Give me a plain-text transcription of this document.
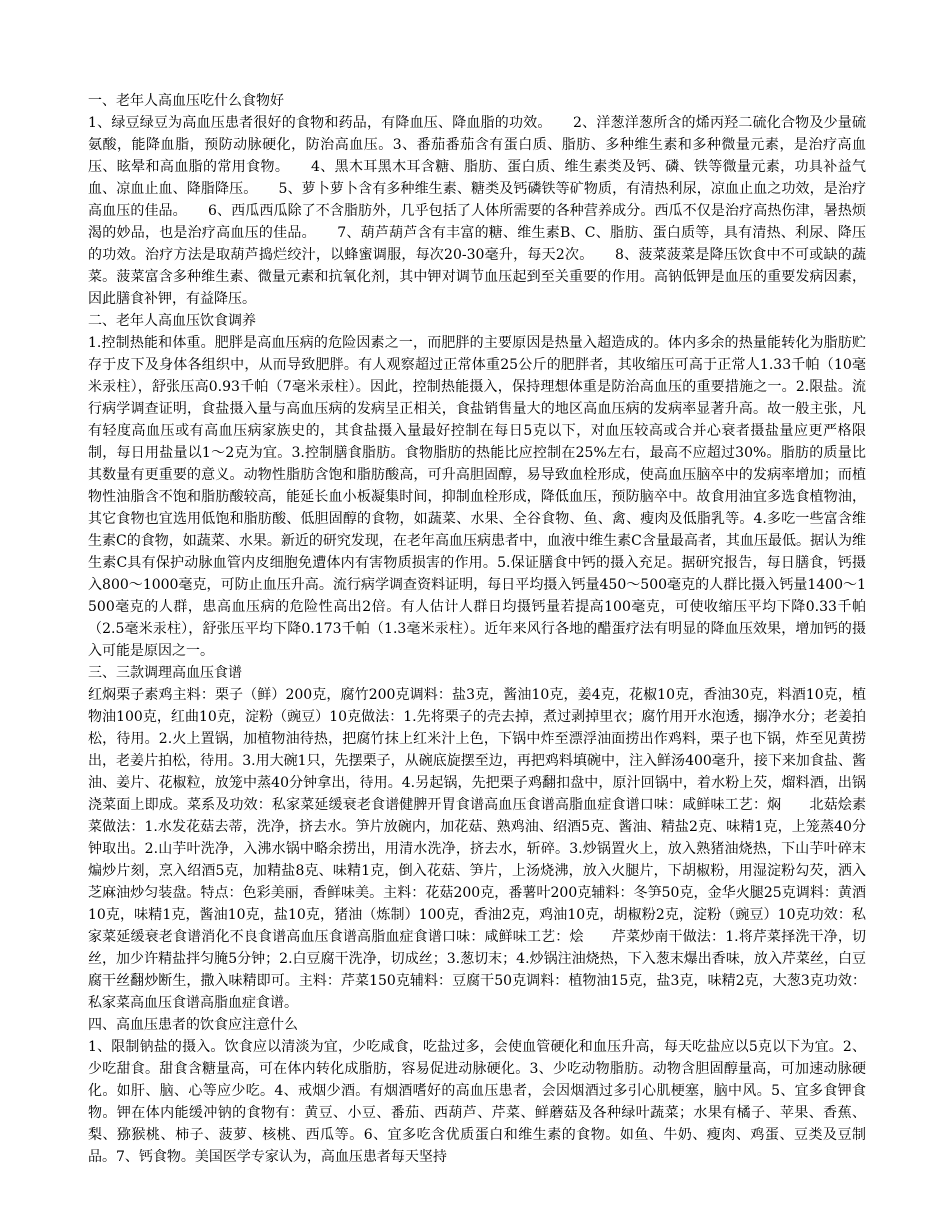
一、老年人高血压吃什么食物好

1、绿豆绿豆为高血压患者很好的食物和药品，有降血压、降血脂的功效。　　2、洋葱洋葱所含的烯丙羟二硫化合物及少量硫氨酸，能降血脂，预防动脉硬化，防治高血压。3、番茄番茄含有蛋白质、脂肪、多种维生素和多种微量元素，是治疗高血压、眩晕和高血脂的常用食物。　　4、黑木耳黑木耳含糖、脂肪、蛋白质、维生素类及钙、磷、铁等微量元素，功具补益气血、凉血止血、降脂降压。　　5、萝卜萝卜含有多种维生素、糖类及钙磷铁等矿物质，有清热利尿，凉血止血之功效，是治疗高血压的佳品。　　6、西瓜西瓜除了不含脂肪外，几乎包括了人体所需要的各种营养成分。西瓜不仅是治疗高热伤津，暑热烦渴的妙品，也是治疗高血压的佳品。　　7、葫芦葫芦含有丰富的糖、维生素B、C、脂肪、蛋白质等，具有清热、利尿、降压的功效。治疗方法是取葫芦捣烂绞汁，以蜂蜜调服，每次20-30毫升，每天2次。　　8、菠菜菠菜是降压饮食中不可或缺的蔬菜。菠菜富含多种维生素、微量元素和抗氧化剂，其中钾对调节血压起到至关重要的作用。高钠低钾是血压的重要发病因素，因此膳食补钾，有益降压。

二、老年人高血压饮食调养

1.控制热能和体重。肥胖是高血压病的危险因素之一，而肥胖的主要原因是热量入超造成的。体内多余的热量能转化为脂肪贮存于皮下及身体各组织中，从而导致肥胖。有人观察超过正常体重25公斤的肥胖者，其收缩压可高于正常人1.33千帕（10毫米汞柱），舒张压高0.93千帕（7毫米汞柱）。因此，控制热能摄入，保持理想体重是防治高血压的重要措施之一。2.限盐。流行病学调查证明，食盐摄入量与高血压病的发病呈正相关，食盐销售量大的地区高血压病的发病率显著升高。故一般主张，凡有轻度高血压或有高血压病家族史的，其食盐摄入量最好控制在每日5克以下，对血压较高或合并心衰者摄盐量应更严格限制，每日用盐量以1～2克为宜。3.控制膳食脂肪。食物脂肪的热能比应控制在25%左右，最高不应超过30%。脂肪的质量比其数量有更重要的意义。动物性脂肪含饱和脂肪酸高，可升高胆固醇，易导致血栓形成，使高血压脑卒中的发病率增加；而植物性油脂含不饱和脂肪酸较高，能延长血小板凝集时间，抑制血栓形成，降低血压，预防脑卒中。故食用油宜多选食植物油，其它食物也宜选用低饱和脂肪酸、低胆固醇的食物，如蔬菜、水果、全谷食物、鱼、禽、瘦肉及低脂乳等。4.多吃一些富含维生素C的食物，如蔬菜、水果。新近的研究发现，在老年高血压病患者中，血液中维生素C含量最高者，其血压最低。据认为维生素C具有保护动脉血管内皮细胞免遭体内有害物质损害的作用。5.保证膳食中钙的摄入充足。据研究报告，每日膳食，钙摄入800～1000毫克，可防止血压升高。流行病学调查资料证明，每日平均摄入钙量450～500毫克的人群比摄入钙量1400～1500毫克的人群，患高血压病的危险性高出2倍。有人估计人群日均摄钙量若提高100毫克，可使收缩压平均下降0.33千帕（2.5毫米汞柱），舒张压平均下降0.173千帕（1.3毫米汞柱）。近年来风行各地的醋蛋疗法有明显的降血压效果，增加钙的摄入可能是原因之一。

三、三款调理高血压食谱

红焖栗子素鸡主料：栗子（鲜）200克，腐竹200克调料：盐3克，酱油10克，姜4克，花椒10克，香油30克，料酒10克，植物油100克，红曲10克，淀粉（豌豆）10克做法：1.先将栗子的壳去掉，煮过剥掉里衣；腐竹用开水泡透，搦净水分；老姜拍松，待用。2.火上置锅，加植物油待热，把腐竹抹上红米汁上色，下锅中炸至漂浮油面捞出作鸡料，栗子也下锅，炸至见黄捞出，老姜片拍松，待用。3.用大碗1只，先摆栗子，从碗底旋摆至边，再把鸡料填碗中，注入鲜汤400毫升，接下来加食盐、酱油、姜片、花椒粒，放笼中蒸40分钟拿出，待用。4.另起锅，先把栗子鸡翻扣盘中，原汁回锅中，着水粉上芡，熘料酒，出锅浇菜面上即成。菜系及功效：私家菜延缓衰老食谱健脾开胃食谱高血压食谱高脂血症食谱口味：咸鲜味工艺：焖　　北菇烩素菜做法：1.水发花菇去蒂，洗净，挤去水。笋片放碗内，加花菇、熟鸡油、绍酒5克、酱油、精盐2克、味精1克，上笼蒸40分钟取出。2.山芋叶洗净，入沸水锅中略余捞出，用清水洗净，挤去水，斩碎。3.炒锅置火上，放入熟猪油烧热，下山芋叶碎末煸炒片刻，烹入绍酒5克，加精盐8克、味精1克，倒入花菇、笋片，上汤烧沸，放入火腿片，下胡椒粉，用湿淀粉勾芡，洒入芝麻油炒匀装盘。特点：色彩美丽，香鲜味美。主料：花菇200克，番薯叶200克辅料：冬笋50克，金华火腿25克调料：黄酒10克，味精1克，酱油10克，盐10克，猪油（炼制）100克，香油2克，鸡油10克，胡椒粉2克，淀粉（豌豆）10克功效：私家菜延缓衰老食谱消化不良食谱高血压食谱高脂血症食谱口味：咸鲜味工艺：烩　　芹菜炒南干做法：1.将芹菜择洗干净，切丝，加少许精盐拌匀腌5分钟；2.白豆腐干洗净，切成丝；3.葱切末；4.炒锅注油烧热，下入葱末爆出香味，放入芹菜丝，白豆腐干丝翻炒断生，撒入味精即可。主料：芹菜150克辅料：豆腐干50克调料：植物油15克，盐3克，味精2克，大葱3克功效：私家菜高血压食谱高脂血症食谱。

四、高血压患者的饮食应注意什么

1、限制钠盐的摄入。饮食应以清淡为宜，少吃咸食，吃盐过多，会使血管硬化和血压升高，每天吃盐应以5克以下为宜。2、少吃甜食。甜食含糖量高，可在体内转化成脂肪，容易促进动脉硬化。3、少吃动物脂肪。动物含胆固醇量高，可加速动脉硬化。如肝、脑、心等应少吃。4、戒烟少酒。有烟酒嗜好的高血压患者，会因烟酒过多引心肌梗塞，脑中风。5、宜多食钾食物。钾在体内能缓冲钠的食物有：黄豆、小豆、番茄、西葫芦、芹菜、鲜蘑菇及各种绿叶蔬菜；水果有橘子、苹果、香蕉、梨、猕猴桃、柿子、菠萝、核桃、西瓜等。6、宜多吃含优质蛋白和维生素的食物。如鱼、牛奶、瘦肉、鸡蛋、豆类及豆制品。7、钙食物。美国医学专家认为，高血压患者每天坚持
